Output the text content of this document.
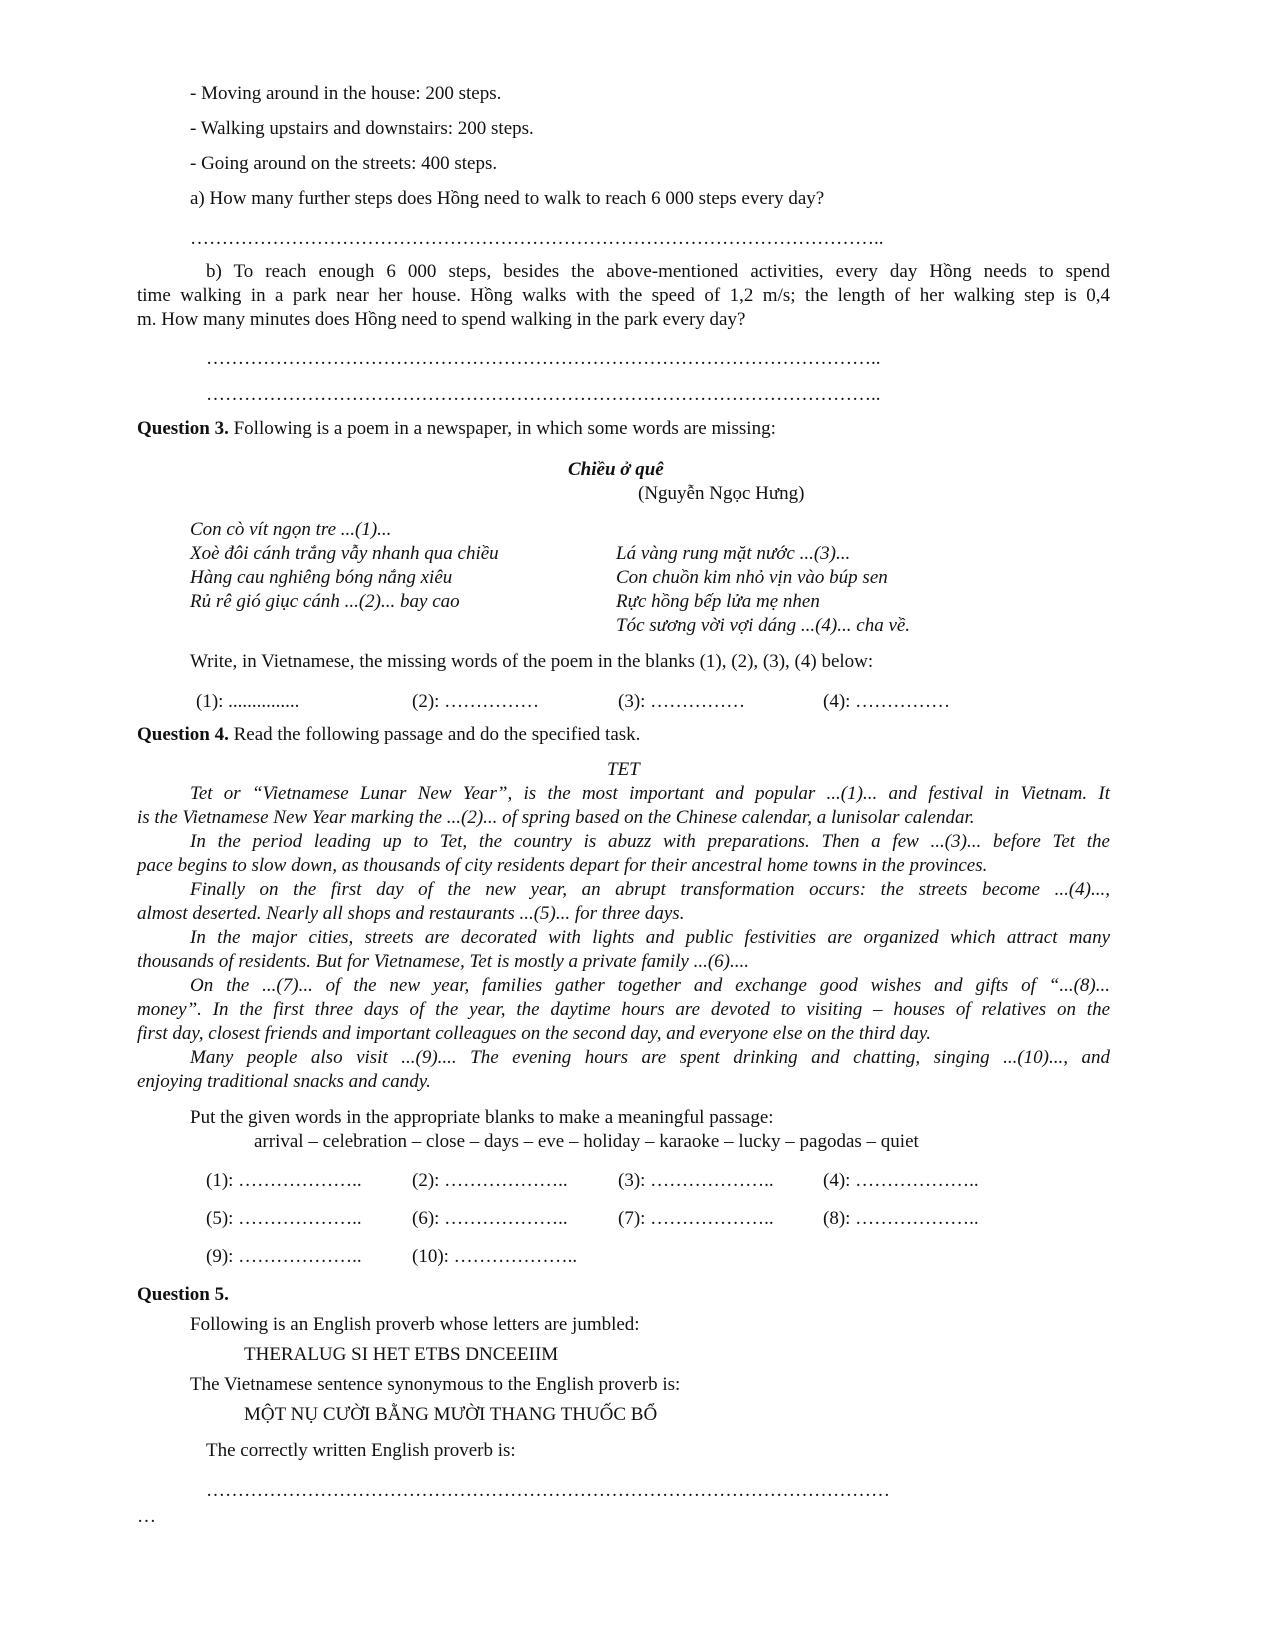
- Moving around in the house: 200 steps.
- Walking upstairs and downstairs: 200 steps.
- Going around on the streets: 400 steps.
a) How many further steps does Hồng need to walk to reach 6 000 steps every day?
………………………………………………………………………………………………..
b) To reach enough 6 000 steps, besides the above-mentioned activities, every day Hồng needs to spend
time walking in a park near her house. Hồng walks with the speed of 1,2 m/s; the length of her walking step is 0,4
m. How many minutes does Hồng need to spend walking in the park every day?
……………………………………………………………………………………………..
……………………………………………………………………………………………..
Question 3. Following is a poem in a newspaper, in which some words are missing:
Chiều ở quê
(Nguyễn Ngọc Hưng)
Con cò vít ngọn tre ...(1)...
Xoè đôi cánh trắng vẫy nhanh qua chiều
Hàng cau nghiêng bóng nắng xiêu
Rủ rê gió giục cánh ...(2)... bay cao
Lá vàng rung mặt nước ...(3)...
Con chuồn kim nhỏ vịn vào búp sen
Rực hồng bếp lửa mẹ nhen
Tóc sương vời vợi dáng ...(4)... cha về.
Write, in Vietnamese, the missing words of the poem in the blanks (1), (2), (3), (4) below:
(1): ...............	(2): ……………	(3): ……………	(4): ……………
Question 4. Read the following passage and do the specified task.
TET
Tet or “Vietnamese Lunar New Year”, is the most important and popular ...(1)... and festival in Vietnam. It
is the Vietnamese New Year marking the ...(2)... of spring based on the Chinese calendar, a lunisolar calendar.
In the period leading up to Tet, the country is abuzz with preparations. Then a few ...(3)... before Tet the
pace begins to slow down, as thousands of city residents depart for their ancestral home towns in the provinces.
Finally on the first day of the new year, an abrupt transformation occurs: the streets become ...(4)...,
almost deserted. Nearly all shops and restaurants ...(5)... for three days.
In the major cities, streets are decorated with lights and public festivities are organized which attract many
thousands of residents. But for Vietnamese, Tet is mostly a private family ...(6)....
On the ...(7)... of the new year, families gather together and exchange good wishes and gifts of “...(8)...
money”. In the first three days of the year, the daytime hours are devoted to visiting – houses of relatives on the
first day, closest friends and important colleagues on the second day, and everyone else on the third day.
Many people also visit ...(9).... The evening hours are spent drinking and chatting, singing ...(10)..., and
enjoying traditional snacks and candy.
Put the given words in the appropriate blanks to make a meaningful passage:
arrival – celebration – close – days – eve – holiday – karaoke – lucky – pagodas – quiet
(1): ………………..	(2): ………………..	(3): ………………..	(4): ………………..
(5): ………………..	(6): ………………..	(7): ………………..	(8): ………………..
(9): ………………..	(10): ………………..
Question 5.
Following is an English proverb whose letters are jumbled:
THERALUG SI HET ETBS DNCEEIIM
The Vietnamese sentence synonymous to the English proverb is:
MỘT NỤ CƯỜI BẰNG MƯỜI THANG THUỐC BỔ
The correctly written English proverb is:
………………………………………………………………………………………………
…
